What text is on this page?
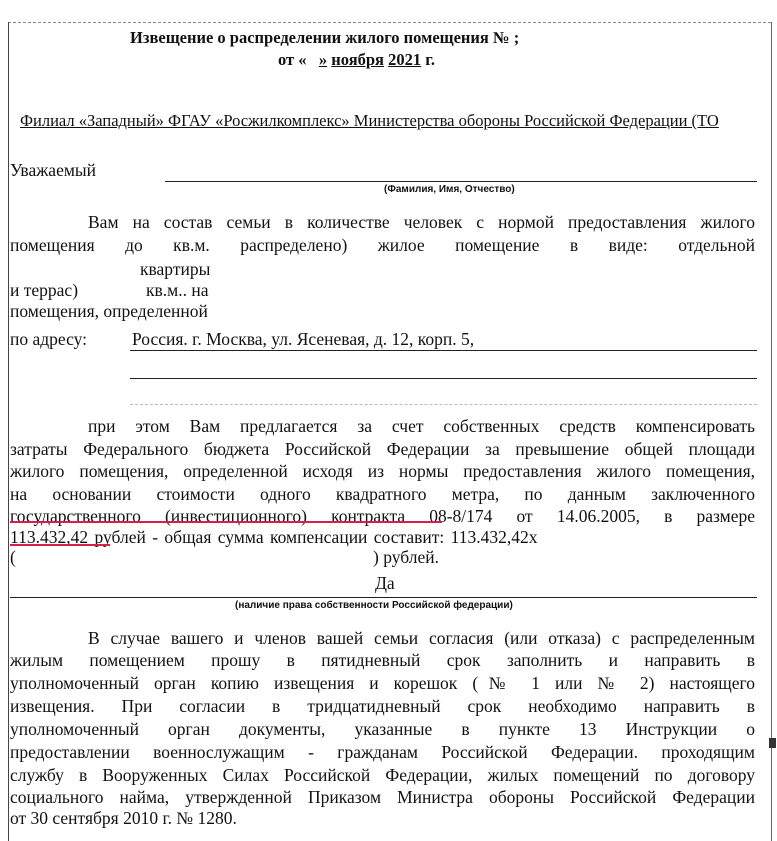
Извещение о распределении жилого помещения № ;
от « » ноября 2021 г.
Филиал «Западный» ФГАУ «Росжилкомплекс» Министерства обороны Российской Федерации (ТО
Уважаемый
(Фамилия, Имя, Отчество)
Вам на состав семьи в количестве человек с нормой предоставления жилого
помещения до кв.м. распределено) жилое помещение в виде: отдельной
квартиры
и террас)	кв.м.. на
помещения, определенной
по адресу:	Россия. г. Москва, ул. Ясеневая, д. 12, корп. 5,
при этом Вам предлагается за счет собственных средств компенсировать
затраты Федерального бюджета Российской Федерации за превышение общей площади
жилого помещения, определенной исходя из нормы предоставления жилого помещения,
на основании стоимости одного квадратного метра, по данным заключенного
государственного (инвестиционного) контракта 08-8/174 от 14.06.2005, в размере
113.432,42 рублей - общая сумма компенсации составит: 113.432,42х
(	) рублей.
Да
(наличие права собственности Российской федерации)
В случае вашего и членов вашей семьи согласия (или отказа) с распределенным
жилым помещением прошу в пятидневный срок заполнить и направить в
уполномоченный орган копию извещения и корешок (№ 1 или № 2) настоящего
извещения. При согласии в тридцатидневный срок необходимо направить в
уполномоченный орган документы, указанные в пункте 13 Инструкции о
предоставлении военнослужащим - гражданам Российской Федерации. проходящим
службу в Вооруженных Силах Российской Федерации, жилых помещений по договору
социального найма, утвержденной Приказом Министра обороны Российской Федерации
от 30 сентября 2010 г. № 1280.
